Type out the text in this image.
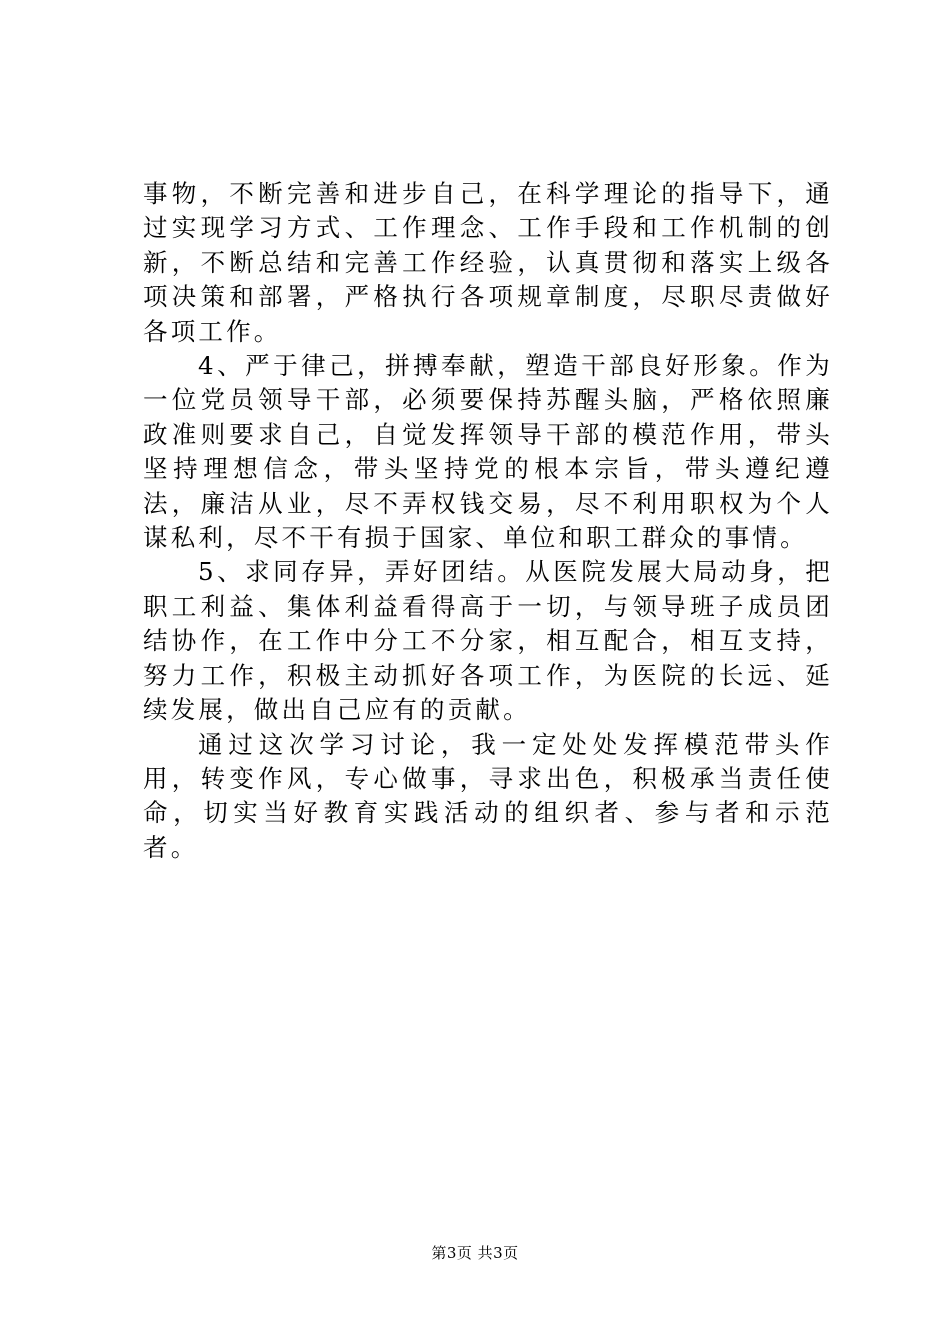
事物，不断完善和进步自己，在科学理论的指导下，通过实现学习方式、工作理念、工作手段和工作机制的创新，不断总结和完善工作经验，认真贯彻和落实上级各项决策和部署，严格执行各项规章制度，尽职尽责做好各项工作。

4、严于律己，拼搏奉献，塑造干部良好形象。作为一位党员领导干部，必须要保持苏醒头脑，严格依照廉政准则要求自己，自觉发挥领导干部的模范作用，带头坚持理想信念，带头坚持党的根本宗旨，带头遵纪遵法，廉洁从业，尽不弄权钱交易，尽不利用职权为个人谋私利，尽不干有损于国家、单位和职工群众的事情。

5、求同存异，弄好团结。从医院发展大局动身，把职工利益、集体利益看得高于一切，与领导班子成员团结协作，在工作中分工不分家，相互配合，相互支持，努力工作，积极主动抓好各项工作，为医院的长远、延续发展，做出自己应有的贡献。

通过这次学习讨论，我一定处处发挥模范带头作用，转变作风，专心做事，寻求出色，积极承当责任使命，切实当好教育实践活动的组织者、参与者和示范者。

第3页 共3页
